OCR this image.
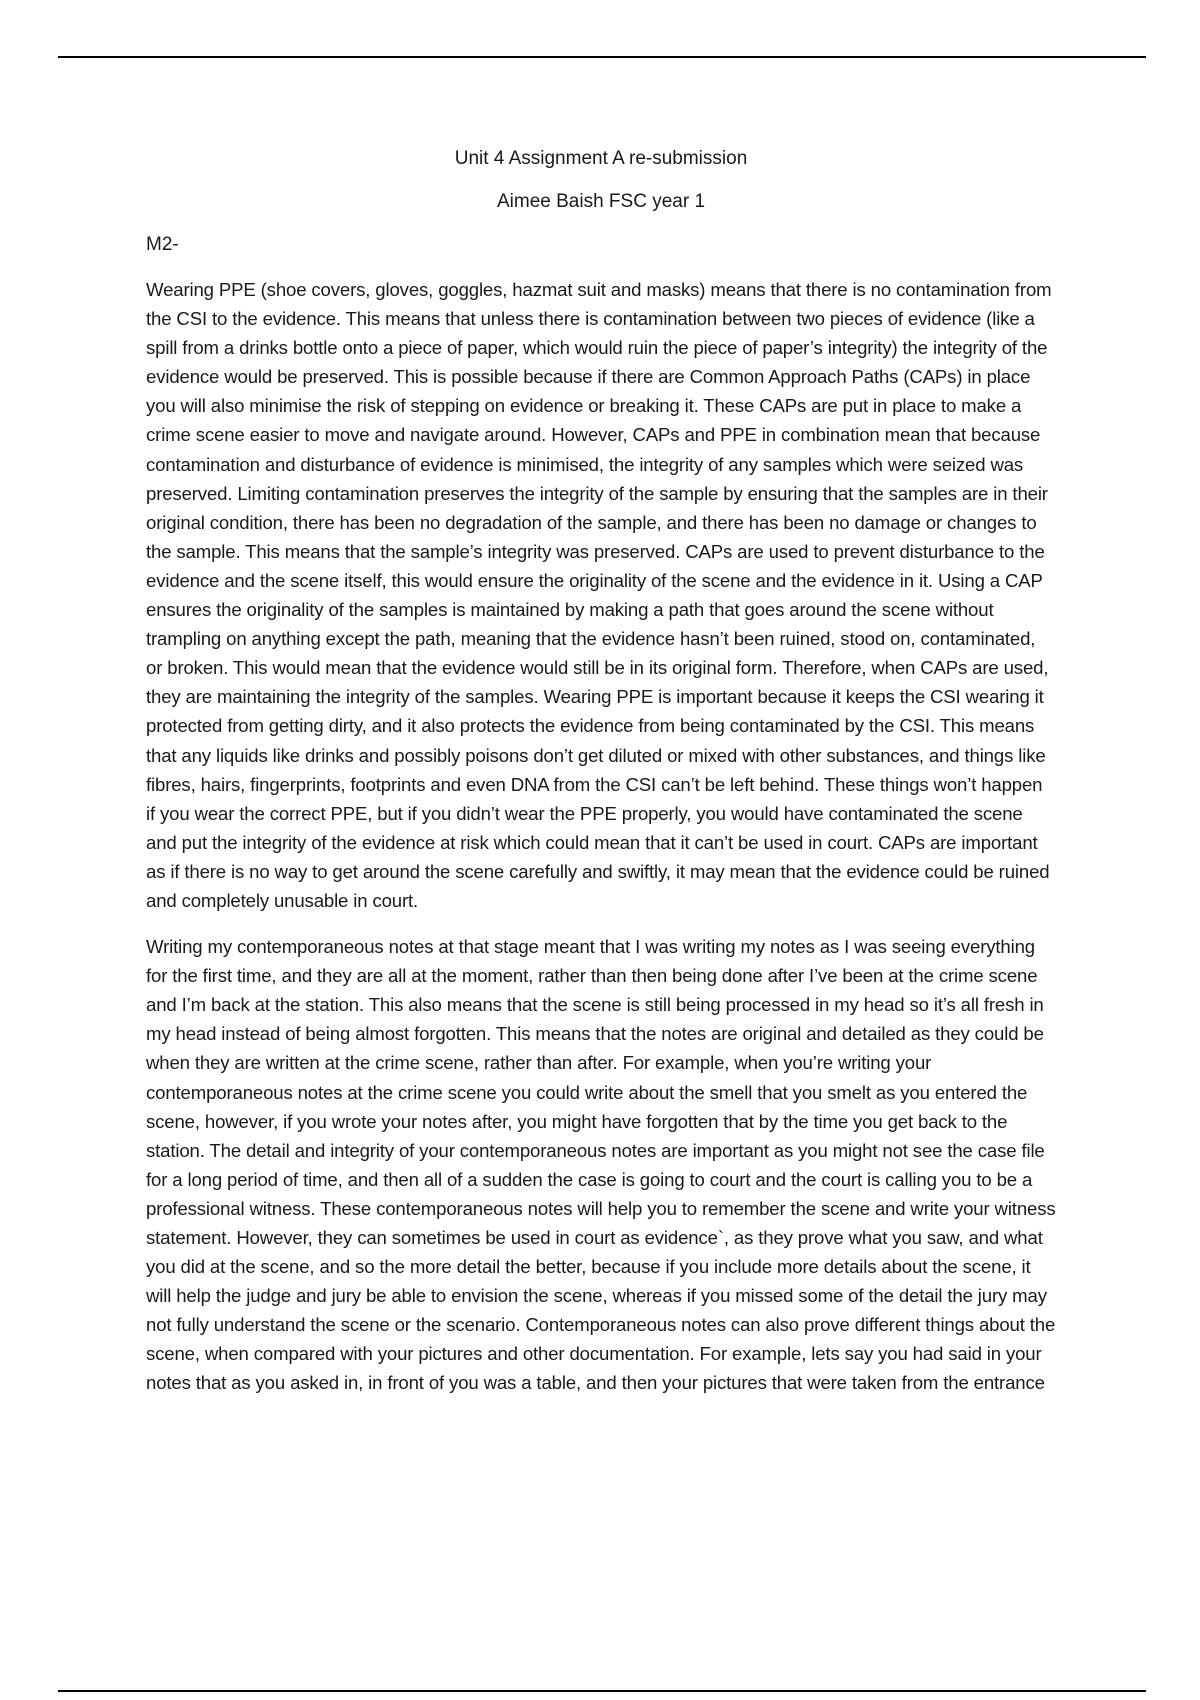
Unit 4 Assignment A re-submission
Aimee Baish FSC year 1
M2-

Wearing PPE (shoe covers, gloves, goggles, hazmat suit and masks) means that there is no contamination from the CSI to the evidence. This means that unless there is contamination between two pieces of evidence (like a spill from a drinks bottle onto a piece of paper, which would ruin the piece of paper’s integrity) the integrity of the evidence would be preserved. This is possible because if there are Common Approach Paths (CAPs) in place you will also minimise the risk of stepping on evidence or breaking it. These CAPs are put in place to make a crime scene easier to move and navigate around. However, CAPs and PPE in combination mean that because contamination and disturbance of evidence is minimised, the integrity of any samples which were seized was preserved. Limiting contamination preserves the integrity of the sample by ensuring that the samples are in their original condition, there has been no degradation of the sample, and there has been no damage or changes to the sample. This means that the sample’s integrity was preserved. CAPs are used to prevent disturbance to the evidence and the scene itself, this would ensure the originality of the scene and the evidence in it. Using a CAP ensures the originality of the samples is maintained by making a path that goes around the scene without trampling on anything except the path, meaning that the evidence hasn’t been ruined, stood on, contaminated, or broken. This would mean that the evidence would still be in its original form. Therefore, when CAPs are used, they are maintaining the integrity of the samples. Wearing PPE is important because it keeps the CSI wearing it protected from getting dirty, and it also protects the evidence from being contaminated by the CSI. This means that any liquids like drinks and possibly poisons don’t get diluted or mixed with other substances, and things like fibres, hairs, fingerprints, footprints and even DNA from the CSI can’t be left behind. These things won’t happen if you wear the correct PPE, but if you didn’t wear the PPE properly, you would have contaminated the scene and put the integrity of the evidence at risk which could mean that it can’t be used in court. CAPs are important as if there is no way to get around the scene carefully and swiftly, it may mean that the evidence could be ruined and completely unusable in court.

Writing my contemporaneous notes at that stage meant that I was writing my notes as I was seeing everything for the first time, and they are all at the moment, rather than then being done after I’ve been at the crime scene and I’m back at the station. This also means that the scene is still being processed in my head so it’s all fresh in my head instead of being almost forgotten. This means that the notes are original and detailed as they could be when they are written at the crime scene, rather than after. For example, when you’re writing your contemporaneous notes at the crime scene you could write about the smell that you smelt as you entered the scene, however, if you wrote your notes after, you might have forgotten that by the time you get back to the station. The detail and integrity of your contemporaneous notes are important as you might not see the case file for a long period of time, and then all of a sudden the case is going to court and the court is calling you to be a professional witness. These contemporaneous notes will help you to remember the scene and write your witness statement. However, they can sometimes be used in court as evidence`, as they prove what you saw, and what you did at the scene, and so the more detail the better, because if you include more details about the scene, it will help the judge and jury be able to envision the scene, whereas if you missed some of the detail the jury may not fully understand the scene or the scenario. Contemporaneous notes can also prove different things about the scene, when compared with your pictures and other documentation. For example, lets say you had said in your notes that as you asked in, in front of you was a table, and then your pictures that were taken from the entrance
